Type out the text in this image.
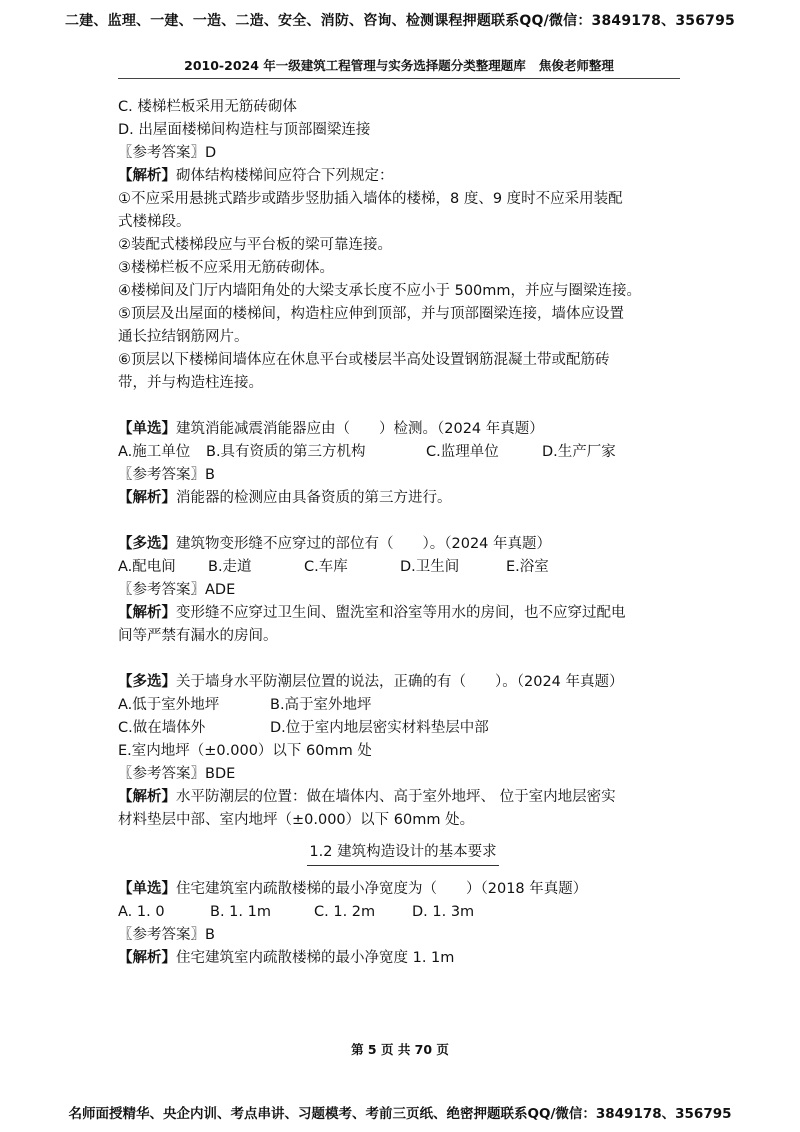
二建、监理、一建、一造、二造、安全、消防、咨询、检测课程押题联系QQ/微信：3849178、356795
2010-2024 年一级建筑工程管理与实务选择题分类整理题库 焦俊老师整理
C. 楼梯栏板采用无筋砖砌体
D. 出屋面楼梯间构造柱与顶部圈梁连接
〖参考答案〗D
【解析】砌体结构楼梯间应符合下列规定：
①不应采用悬挑式踏步或踏步竖肋插入墙体的楼梯，8 度、9 度时不应采用装配
式楼梯段。
②装配式楼梯段应与平台板的梁可靠连接。
③楼梯栏板不应采用无筋砖砌体。
④楼梯间及门厅内墙阳角处的大梁支承长度不应小于 500mm，并应与圈梁连接。
⑤顶层及出屋面的楼梯间，构造柱应伸到顶部，并与顶部圈梁连接，墙体应设置
通长拉结钢筋网片。
⑥顶层以下楼梯间墙体应在休息平台或楼层半高处设置钢筋混凝土带或配筋砖
带，并与构造柱连接。
【单选】建筑消能减震消能器应由（　　）检测。（2024 年真题）
A.施工单位 B.具有资质的第三方机构	C.监理单位	D.生产厂家
〖参考答案〗B
【解析】消能器的检测应由具备资质的第三方进行。
【多选】建筑物变形缝不应穿过的部位有（　　）。（2024 年真题）
A.配电间 B.走道	C.车库	D.卫生间	E.浴室
〖参考答案〗ADE
【解析】变形缝不应穿过卫生间、盥洗室和浴室等用水的房间，也不应穿过配电
间等严禁有漏水的房间。
【多选】关于墙身水平防潮层位置的说法，正确的有（　　）。（2024 年真题）
A.低于室外地坪	B.高于室外地坪
C.做在墙体外	D.位于室内地层密实材料垫层中部
E.室内地坪（±0.000）以下 60mm 处
〖参考答案〗BDE
【解析】水平防潮层的位置：做在墙体内、高于室外地坪、 位于室内地层密实
材料垫层中部、室内地坪（±0.000）以下 60mm 处。
1.2 建筑构造设计的基本要求
【单选】住宅建筑室内疏散楼梯的最小净宽度为（　　）（2018 年真题）
A. 1. 0	B. 1. 1m	C. 1. 2m	D. 1. 3m
〖参考答案〗B
【解析】住宅建筑室内疏散楼梯的最小净宽度 1. 1m
第 5 页 共 70 页
名师面授精华、央企内训、考点串讲、习题模考、考前三页纸、绝密押题联系QQ/微信：3849178、356795
